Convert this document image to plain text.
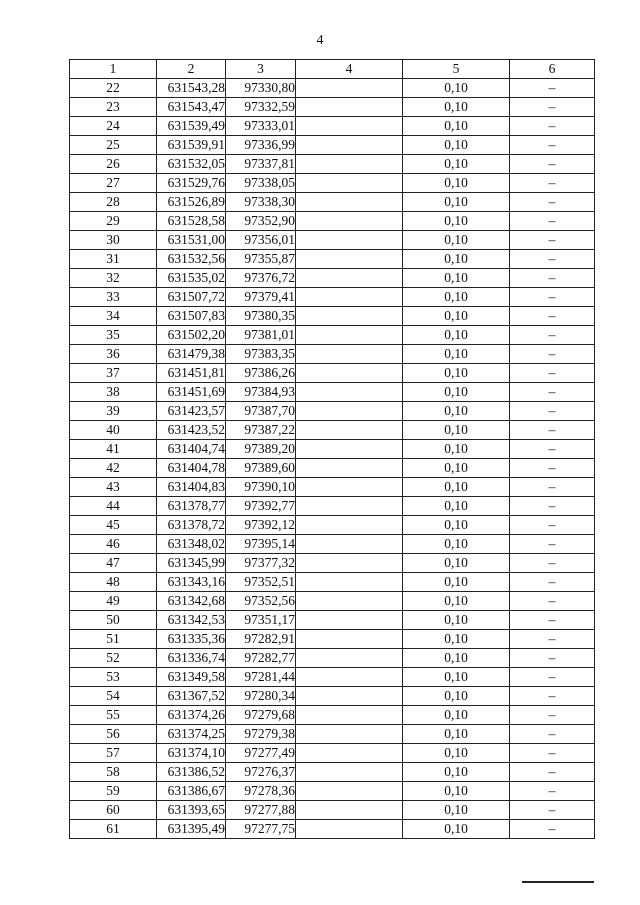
4
1	2	3	4	5	6
22	631543,28	97330,80		0,10	–
23	631543,47	97332,59		0,10	–
24	631539,49	97333,01		0,10	–
25	631539,91	97336,99		0,10	–
26	631532,05	97337,81		0,10	–
27	631529,76	97338,05		0,10	–
28	631526,89	97338,30		0,10	–
29	631528,58	97352,90		0,10	–
30	631531,00	97356,01		0,10	–
31	631532,56	97355,87		0,10	–
32	631535,02	97376,72		0,10	–
33	631507,72	97379,41		0,10	–
34	631507,83	97380,35		0,10	–
35	631502,20	97381,01		0,10	–
36	631479,38	97383,35		0,10	–
37	631451,81	97386,26		0,10	–
38	631451,69	97384,93		0,10	–
39	631423,57	97387,70		0,10	–
40	631423,52	97387,22		0,10	–
41	631404,74	97389,20		0,10	–
42	631404,78	97389,60		0,10	–
43	631404,83	97390,10		0,10	–
44	631378,77	97392,77		0,10	–
45	631378,72	97392,12		0,10	–
46	631348,02	97395,14		0,10	–
47	631345,99	97377,32		0,10	–
48	631343,16	97352,51		0,10	–
49	631342,68	97352,56		0,10	–
50	631342,53	97351,17		0,10	–
51	631335,36	97282,91		0,10	–
52	631336,74	97282,77		0,10	–
53	631349,58	97281,44		0,10	–
54	631367,52	97280,34		0,10	–
55	631374,26	97279,68		0,10	–
56	631374,25	97279,38		0,10	–
57	631374,10	97277,49		0,10	–
58	631386,52	97276,37		0,10	–
59	631386,67	97278,36		0,10	–
60	631393,65	97277,88		0,10	–
61	631395,49	97277,75		0,10	–
